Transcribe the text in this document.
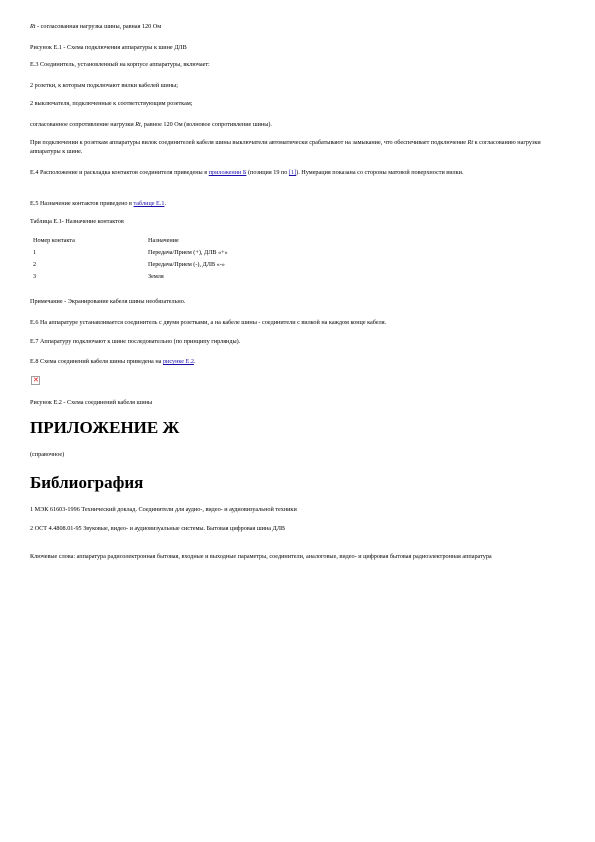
Rt - согласованная нагрузка шины, равная 120 Ом

Рисунок Е.1 - Схема подключения аппаратуры к шине ДЛВ

Е.3 Соединитель, установленный на корпусе аппаратуры, включает:

2 розетки, к которым подключают вилки кабелей шины;

2 выключателя, подключенные к соответствующим розеткам;

согласованное сопротивление нагрузки Rt, равное 120 Ом (волновое сопротивление шины).

При подключении к розеткам аппаратуры вилок соединителей кабеля шины выключатели автоматически срабатывают на замыкание, что обеспечивает подключение Rt к согласованию нагрузки аппаратуры к шине.

Е.4 Расположение и раскладка контактов соединителя приведены в приложении Б (позиция 19 по [1]). Нумерация показана со стороны матовой поверхности вилки.

Е.5 Назначение контактов приведено в таблице Е.1.

Таблица Е.1- Назначение контактов

Номер контакта	Назначение
1	Передача/Прием (+), ДЛВ «+»
2	Передача/Прием (-), ДЛВ «-»
3	Земля

Примечание - Экранирование кабеля шины необязательно.

Е.6 На аппаратуре устанавливается соединитель с двумя розетками, а на кабеле шины - соединители с вилкой на каждом конце кабеля.

Е.7 Аппаратуру подключают к шине последовательно (по принципу гирлянды).

Е.8 Схема соединений кабеля шины приведена на рисунке Е.2.

✕

Рисунок Е.2 - Схема соединений кабеля шины

ПРИЛОЖЕНИЕ Ж

(справочное)

Библиография

1 МЭК 61603-1996 Технический доклад. Соединители для аудио-, видео- и аудиовизуальной техники

2 ОСТ 4.4808.01-95 Звуковые, видео- и аудиовизуальные системы. Бытовая цифровая шина ДЛВ

Ключевые слова: аппаратура радиоэлектронная бытовая, входные и выходные параметры, соединители, аналоговые, видео- и цифровая бытовая радиоэлектронная аппаратура
